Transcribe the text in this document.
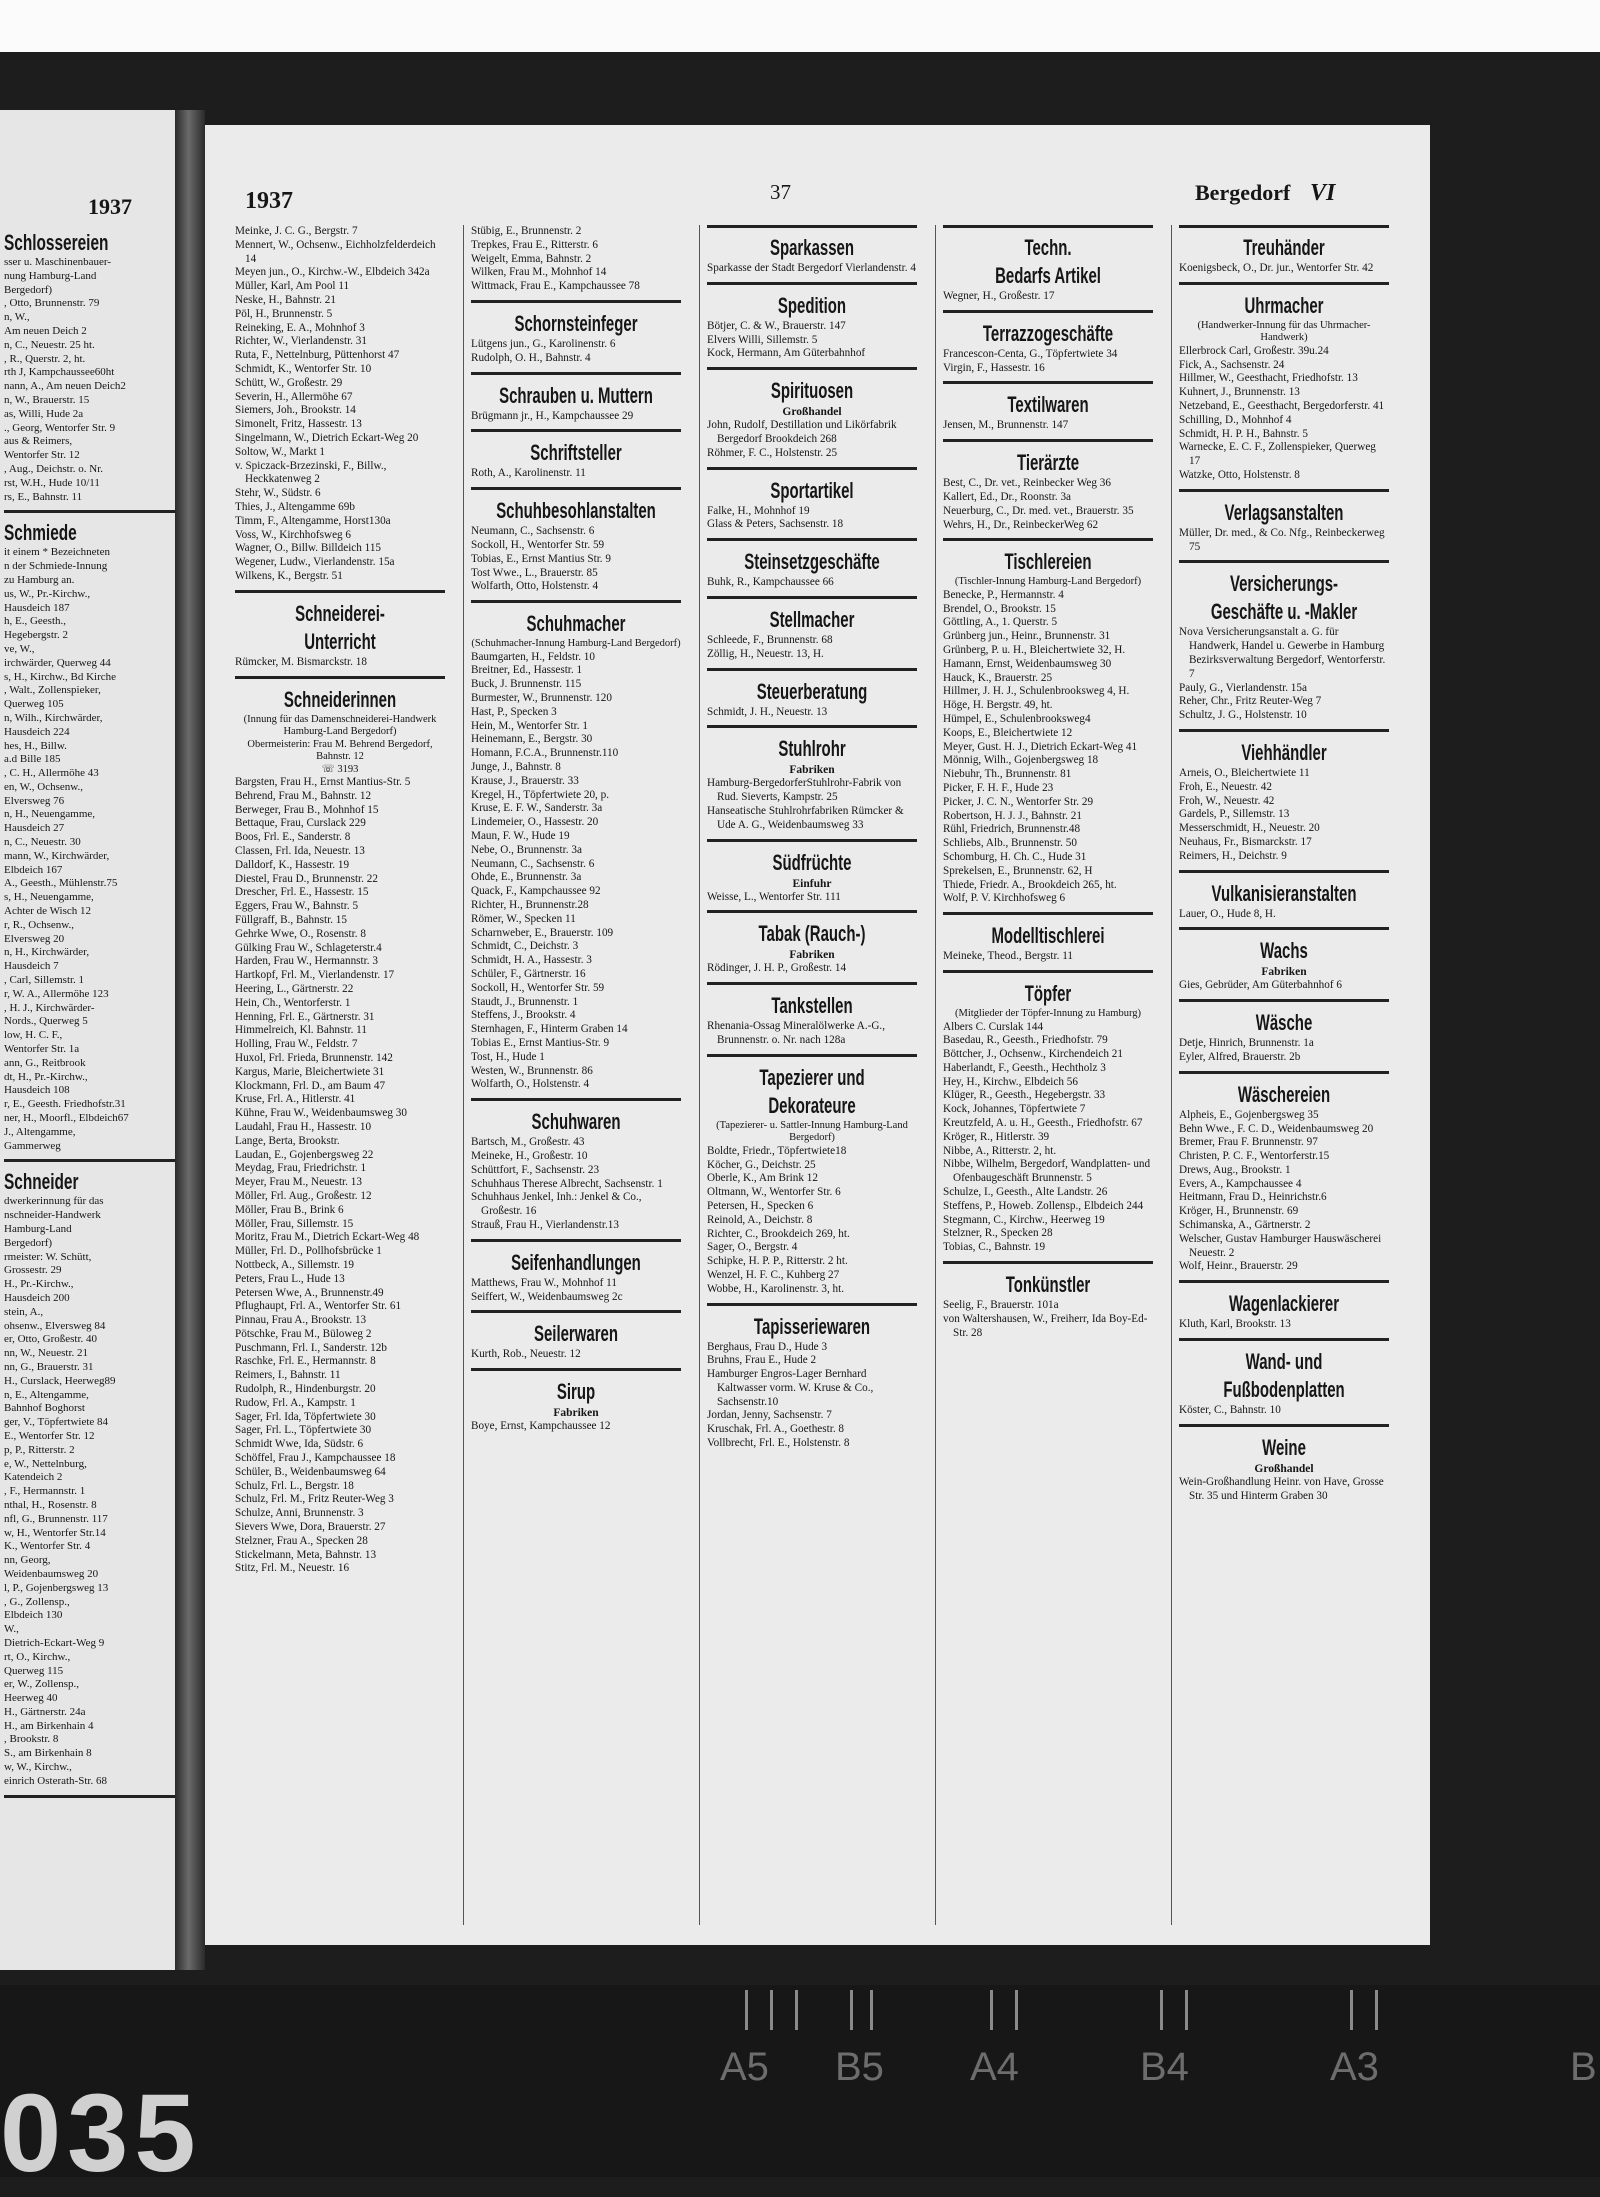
1937
Schlossereien
sser u. Maschinenbauer-
nung Hamburg-Land
Bergedorf)
, Otto, Brunnenstr. 79
n, W.,
Am neuen Deich 2
n, C., Neuestr. 25 ht.
, R., Querstr. 2, ht.
rth J, Kampchaussee60ht
nann, A., Am neuen Deich2
n, W., Brauerstr. 15
as, Willi, Hude 2a
., Georg, Wentorfer Str. 9
aus & Reimers,
Wentorfer Str. 12
, Aug., Deichstr. o. Nr.
rst, W.H., Hude 10/11
rs, E., Bahnstr. 11
Schmiede
it einem * Bezeichneten
n der Schmiede-Innung
zu Hamburg an.
us, W., Pr.-Kirchw.,
Hausdeich 187
h, E., Geesth.,
Hegebergstr. 2
ve, W.,
irchwärder, Querweg 44
s, H., Kirchw., Bd Kirche
, Walt., Zollenspieker,
Querweg 105
n, Wilh., Kirchwärder,
Hausdeich 224
hes, H., Billw.
a.d Bille 185
, C. H., Allermöhe 43
en, W., Ochsenw.,
Elversweg 76
n, H., Neuengamme,
Hausdeich 27
n, C., Neuestr. 30
mann, W., Kirchwärder,
Elbdeich 167
A., Geesth., Mühlenstr.75
s, H., Neuengamme,
Achter de Wisch 12
r, R., Ochsenw.,
Elversweg 20
n, H., Kirchwärder,
Hausdeich 7
, Carl, Sillemstr. 1
r, W. A., Allermöhe 123
, H. J., Kirchwärder-
Nords., Querweg 5
low, H. C. F.,
Wentorfer Str. 1a
ann, G., Reitbrook
dt, H., Pr.-Kirchw.,
Hausdeich 108
r, E., Geesth. Friedhofstr.31
ner, H., Moorfl., Elbdeich67
J., Altengamme,
Gammerweg
Schneider
dwerkerinnung für das
nschneider-Handwerk
Hamburg-Land
Bergedorf)
rmeister: W. Schütt,
Grossestr. 29
H., Pr.-Kirchw.,
Hausdeich 200
stein, A.,
ohsenw., Elversweg 84
er, Otto, Großestr. 40
nn, W., Neuestr. 21
nn, G., Brauerstr. 31
H., Curslack, Heerweg89
n, E., Altengamme,
Bahnhof Boghorst
ger, V., Töpfertwiete 84
E., Wentorfer Str. 12
p, P., Ritterstr. 2
e, W., Nettelnburg,
Katendeich 2
, F., Hermannstr. 1
nthal, H., Rosenstr. 8
nfl, G., Brunnenstr. 117
w, H., Wentorfer Str.14
K., Wentorfer Str. 4
nn, Georg,
Weidenbaumsweg 20
l, P., Gojenbergsweg 13
, G., Zollensp.,
Elbdeich 130
W.,
Dietrich-Eckart-Weg 9
rt, O., Kirchw.,
Querweg 115
er, W., Zollensp.,
Heerweg 40
H., Gärtnerstr. 24a
H., am Birkenhain 4
, Brookstr. 8
S., am Birkenhain 8
w, W., Kirchw.,
einrich Osterath-Str. 68
1937	37	Bergedorf VI
Meinke, J. C. G., Bergstr. 7
Mennert, W., Ochsenw., Eichholzfelderdeich 14
Meyen jun., O., Kirchw.-W., Elbdeich 342a
Müller, Karl, Am Pool 11
Neske, H., Bahnstr. 21
Pöl, H., Brunnenstr. 5
Reineking, E. A., Mohnhof 3
Richter, W., Vierlandenstr. 31
Ruta, F., Nettelnburg, Püttenhorst 47
Schmidt, K., Wentorfer Str. 10
Schütt, W., Großestr. 29
Severin, H., Allermöhe 67
Siemers, Joh., Brookstr. 14
Simonelt, Fritz, Hassestr. 13
Singelmann, W., Dietrich Eckart-Weg 20
Soltow, W., Markt 1
v. Spiczack-Brzezinski, F., Billw., Heckkatenweg 2
Stehr, W., Südstr. 6
Thies, J., Altengamme 69b
Timm, F., Altengamme, Horst130a
Voss, W., Kirchhofsweg 6
Wagner, O., Billw. Billdeich 115
Wegener, Ludw., Vierlandenstr. 15a
Wilkens, K., Bergstr. 51
Schneiderei-
Unterricht
Rümcker, M. Bismarckstr. 18
Schneiderinnen
(Innung für das Damenschneiderei-Handwerk Hamburg-Land Bergedorf)
Obermeisterin: Frau M. Behrend Bergedorf, Bahnstr. 12
☏ 3193
Bargsten, Frau H., Ernst Mantius-Str. 5
Behrend, Frau M., Bahnstr. 12
Berweger, Frau B., Mohnhof 15
Bettaque, Frau, Curslack 229
Boos, Frl. E., Sanderstr. 8
Classen, Frl. Ida, Neuestr. 13
Dalldorf, K., Hassestr. 19
Diestel, Frau D., Brunnenstr. 22
Drescher, Frl. E., Hassestr. 15
Eggers, Frau W., Bahnstr. 5
Füllgraff, B., Bahnstr. 15
Gehrke Wwe, O., Rosenstr. 8
Gülking Frau W., Schlageterstr.4
Harden, Frau W., Hermannstr. 3
Hartkopf, Frl. M., Vierlandenstr. 17
Heering, L., Gärtnerstr. 22
Hein, Ch., Wentorferstr. 1
Henning, Frl. E., Gärtnerstr. 31
Himmelreich, Kl. Bahnstr. 11
Holling, Frau W., Feldstr. 7
Huxol, Frl. Frieda, Brunnenstr. 142
Kargus, Marie, Bleichertwiete 31
Klockmann, Frl. D., am Baum 47
Kruse, Frl. A., Hitlerstr. 41
Kühne, Frau W., Weidenbaumsweg 30
Laudahl, Frau H., Hassestr. 10
Lange, Berta, Brookstr.
Laudan, E., Gojenbergsweg 22
Meydag, Frau, Friedrichstr. 1
Meyer, Frau M., Neuestr. 13
Möller, Frl. Aug., Großestr. 12
Möller, Frau B., Brink 6
Möller, Frau, Sillemstr. 15
Moritz, Frau M., Dietrich Eckart-Weg 48
Müller, Frl. D., Pollhofsbrücke 1
Nottbeck, A., Sillemstr. 19
Peters, Frau L., Hude 13
Petersen Wwe, A., Brunnenstr.49
Pflughaupt, Frl. A., Wentorfer Str. 61
Pinnau, Frau A., Brookstr. 13
Pötschke, Frau M., Büloweg 2
Puschmann, Frl. I., Sanderstr. 12b
Raschke, Frl. E., Hermannstr. 8
Reimers, I., Bahnstr. 11
Rudolph, R., Hindenburgstr. 20
Rudow, Frl. A., Kampstr. 1
Sager, Frl. Ida, Töpfertwiete 30
Sager, Frl. L., Töpfertwiete 30
Schmidt Wwe, Ida, Südstr. 6
Schöffel, Frau J., Kampchaussee 18
Schüler, B., Weidenbaumsweg 64
Schulz, Frl. L., Bergstr. 18
Schulz, Frl. M., Fritz Reuter-Weg 3
Schulze, Anni, Brunnenstr. 3
Sievers Wwe, Dora, Brauerstr. 27
Stelzner, Frau A., Specken 28
Stickelmann, Meta, Bahnstr. 13
Stitz, Frl. M., Neuestr. 16
Stübig, E., Brunnenstr. 2
Trepkes, Frau E., Ritterstr. 6
Weigelt, Emma, Bahnstr. 2
Wilken, Frau M., Mohnhof 14
Wittmack, Frau E., Kampchaussee 78
Schornsteinfeger
Lütgens jun., G., Karolinenstr. 6
Rudolph, O. H., Bahnstr. 4
Schrauben u. Muttern
Brügmann jr., H., Kampchaussee 29
Schriftsteller
Roth, A., Karolinenstr. 11
Schuhbesohlanstalten
Neumann, C., Sachsenstr. 6
Sockoll, H., Wentorfer Str. 59
Tobias, E., Ernst Mantius Str. 9
Tost Wwe., L., Brauerstr. 85
Wolfarth, Otto, Holstenstr. 4
Schuhmacher
(Schuhmacher-Innung Hamburg-Land Bergedorf)
Baumgarten, H., Feldstr. 10
Breitner, Ed., Hassestr. 1
Buck, J. Brunnenstr. 115
Burmester, W., Brunnenstr. 120
Hast, P., Specken 3
Hein, M., Wentorfer Str. 1
Heinemann, E., Bergstr. 30
Homann, F.C.A., Brunnenstr.110
Junge, J., Bahnstr. 8
Krause, J., Brauerstr. 33
Kregel, H., Töpfertwiete 20, p.
Kruse, E. F. W., Sanderstr. 3a
Lindemeier, O., Hassestr. 20
Maun, F. W., Hude 19
Nebe, O., Brunnenstr. 3a
Neumann, C., Sachsenstr. 6
Ohde, E., Brunnenstr. 3a
Quack, F., Kampchaussee 92
Richter, H., Brunnenstr.28
Römer, W., Specken 11
Scharnweber, E., Brauerstr. 109
Schmidt, C., Deichstr. 3
Schmidt, H. A., Hassestr. 3
Schüler, F., Gärtnerstr. 16
Sockoll, H., Wentorfer Str. 59
Staudt, J., Brunnenstr. 1
Steffens, J., Brookstr. 4
Sternhagen, F., Hinterm Graben 14
Tobias E., Ernst Mantius-Str. 9
Tost, H., Hude 1
Westen, W., Brunnenstr. 86
Wolfarth, O., Holstenstr. 4
Schuhwaren
Bartsch, M., Großestr. 43
Meineke, H., Großestr. 10
Schüttfort, F., Sachsenstr. 23
Schuhhaus Therese Albrecht, Sachsenstr. 1
Schuhhaus Jenkel, Inh.: Jenkel & Co., Großestr. 16
Strauß, Frau H., Vierlandenstr.13
Seifenhandlungen
Matthews, Frau W., Mohnhof 11
Seiffert, W., Weidenbaumsweg 2c
Seilerwaren
Kurth, Rob., Neuestr. 12
Sirup
Fabriken
Boye, Ernst, Kampchaussee 12
Sparkassen
Sparkasse der Stadt Bergedorf Vierlandenstr. 4
Spedition
Bötjer, C. & W., Brauerstr. 147
Elvers Willi, Sillemstr. 5
Kock, Hermann, Am Güterbahnhof
Spirituosen
Großhandel
John, Rudolf, Destillation und Likörfabrik Bergedorf Brookdeich 268
Röhmer, F. C., Holstenstr. 25
Sportartikel
Falke, H., Mohnhof 19
Glass & Peters, Sachsenstr. 18
Steinsetzgeschäfte
Buhk, R., Kampchaussee 66
Stellmacher
Schleede, F., Brunnenstr. 68
Zöllig, H., Neuestr. 13, H.
Steuerberatung
Schmidt, J. H., Neuestr. 13
Stuhlrohr
Fabriken
Hamburg-BergedorferStuhlrohr-Fabrik von Rud. Sieverts, Kampstr. 25
Hanseatische Stuhlrohrfabriken Rümcker & Ude A. G., Weidenbaumsweg 33
Südfrüchte
Einfuhr
Weisse, L., Wentorfer Str. 111
Tabak (Rauch-)
Fabriken
Rödinger, J. H. P., Großestr. 14
Tankstellen
Rhenania-Ossag Mineralölwerke A.-G., Brunnenstr. o. Nr. nach 128a
Tapezierer und
Dekorateure
(Tapezierer- u. Sattler-Innung Hamburg-Land Bergedorf)
Boldte, Friedr., Töpfertwiete18
Köcher, G., Deichstr. 25
Oberle, K., Am Brink 12
Oltmann, W., Wentorfer Str. 6
Petersen, H., Specken 6
Reinold, A., Deichstr. 8
Richter, C., Brookdeich 269, ht.
Sager, O., Bergstr. 4
Schipke, H. P. P., Ritterstr. 2 ht.
Wenzel, H. F. C., Kuhberg 27
Wobbe, H., Karolinenstr. 3, ht.
Tapisseriewaren
Berghaus, Frau D., Hude 3
Bruhns, Frau E., Hude 2
Hamburger Engros-Lager Bernhard Kaltwasser vorm. W. Kruse & Co., Sachsenstr.10
Jordan, Jenny, Sachsenstr. 7
Kruschak, Frl. A., Goethestr. 8
Vollbrecht, Frl. E., Holstenstr. 8
Techn.
Bedarfs Artikel
Wegner, H., Großestr. 17
Terrazzogeschäfte
Francescon-Centa, G., Töpfertwiete 34
Virgin, F., Hassestr. 16
Textilwaren
Jensen, M., Brunnenstr. 147
Tierärzte
Best, C., Dr. vet., Reinbecker Weg 36
Kallert, Ed., Dr., Roonstr. 3a
Neuerburg, C., Dr. med. vet., Brauerstr. 35
Wehrs, H., Dr., ReinbeckerWeg 62
Tischlereien
(Tischler-Innung Hamburg-Land Bergedorf)
Benecke, P., Hermannstr. 4
Brendel, O., Brookstr. 15
Göttling, A., 1. Querstr. 5
Grünberg jun., Heinr., Brunnenstr. 31
Grünberg, P. u. H., Bleichertwiete 32, H.
Hamann, Ernst, Weidenbaumsweg 30
Hauck, K., Brauerstr. 25
Hillmer, J. H. J., Schulenbrooksweg 4, H.
Höge, H. Bergstr. 49, ht.
Hümpel, E., Schulenbrooksweg4
Koops, E., Bleichertwiete 12
Meyer, Gust. H. J., Dietrich Eckart-Weg 41
Mönnig, Wilh., Gojenbergsweg 18
Niebuhr, Th., Brunnenstr. 81
Picker, F. H. F., Hude 23
Picker, J. C. N., Wentorfer Str. 29
Robertson, H. J. J., Bahnstr. 21
Rühl, Friedrich, Brunnenstr.48
Schliebs, Alb., Brunnenstr. 50
Schomburg, H. Ch. C., Hude 31
Sprekelsen, E., Brunnenstr. 62, H
Thiede, Friedr. A., Brookdeich 265, ht.
Wolf, P. V. Kirchhofsweg 6
Modelltischlerei
Meineke, Theod., Bergstr. 11
Töpfer
(Mitglieder der Töpfer-Innung zu Hamburg)
Albers C. Curslak 144
Basedau, R., Geesth., Friedhofstr. 79
Böttcher, J., Ochsenw., Kirchendeich 21
Haberlandt, F., Geesth., Hechtholz 3
Hey, H., Kirchw., Elbdeich 56
Klüger, R., Geesth., Hegebergstr. 33
Kock, Johannes, Töpfertwiete 7
Kreutzfeld, A. u. H., Geesth., Friedhofstr. 67
Kröger, R., Hitlerstr. 39
Nibbe, A., Ritterstr. 2, ht.
Nibbe, Wilhelm, Bergedorf, Wandplatten- und Ofenbaugeschäft Brunnenstr. 5
Schulze, I., Geesth., Alte Landstr. 26
Steffens, P., Howeb. Zollensp., Elbdeich 244
Stegmann, C., Kirchw., Heerweg 19
Stelzner, R., Specken 28
Tobias, C., Bahnstr. 19
Tonkünstler
Seelig, F., Brauerstr. 101a
von Waltershausen, W., Freiherr, Ida Boy-Ed-Str. 28
Treuhänder
Koenigsbeck, O., Dr. jur., Wentorfer Str. 42
Uhrmacher
(Handwerker-Innung für das Uhrmacher-Handwerk)
Ellerbrock Carl, Großestr. 39u.24
Fick, A., Sachsenstr. 24
Hillmer, W., Geesthacht, Friedhofstr. 13
Kuhnert, J., Brunnenstr. 13
Netzeband, E., Geesthacht, Bergedorferstr. 41
Schilling, D., Mohnhof 4
Schmidt, H. P. H., Bahnstr. 5
Warnecke, E. C. F., Zollenspieker, Querweg 17
Watzke, Otto, Holstenstr. 8
Verlagsanstalten
Müller, Dr. med., & Co. Nfg., Reinbeckerweg 75
Versicherungs-
Geschäfte u. -Makler
Nova Versicherungsanstalt a. G. für Handwerk, Handel u. Gewerbe in Hamburg Bezirksverwaltung Bergedorf, Wentorferstr. 7
Pauly, G., Vierlandenstr. 15a
Reher, Chr., Fritz Reuter-Weg 7
Schultz, J. G., Holstenstr. 10
Viehhändler
Arneis, O., Bleichertwiete 11
Froh, E., Neuestr. 42
Froh, W., Neuestr. 42
Gardels, P., Sillemstr. 13
Messerschmidt, H., Neuestr. 20
Neuhaus, Fr., Bismarckstr. 17
Reimers, H., Deichstr. 9
Vulkanisieranstalten
Lauer, O., Hude 8, H.
Wachs
Fabriken
Gies, Gebrüder, Am Güterbahnhof 6
Wäsche
Detje, Hinrich, Brunnenstr. 1a
Eyler, Alfred, Brauerstr. 2b
Wäschereien
Alpheis, E., Gojenbergsweg 35
Behn Wwe., F. C. D., Weidenbaumsweg 20
Bremer, Frau F. Brunnenstr. 97
Christen, P. C. F., Wentorferstr.15
Drews, Aug., Brookstr. 1
Evers, A., Kampchaussee 4
Heitmann, Frau D., Heinrichstr.6
Kröger, H., Brunnenstr. 69
Schimanska, A., Gärtnerstr. 2
Welscher, Gustav Hamburger Hauswäscherei Neuestr. 2
Wolf, Heinr., Brauerstr. 29
Wagenlackierer
Kluth, Karl, Brookstr. 13
Wand- und
Fußbodenplatten
Köster, C., Bahnstr. 10
Weine
Großhandel
Wein-Großhandlung Heinr. von Have, Grosse Str. 35 und Hinterm Graben 30
A5 B5 A4	B4	A3	B
035
